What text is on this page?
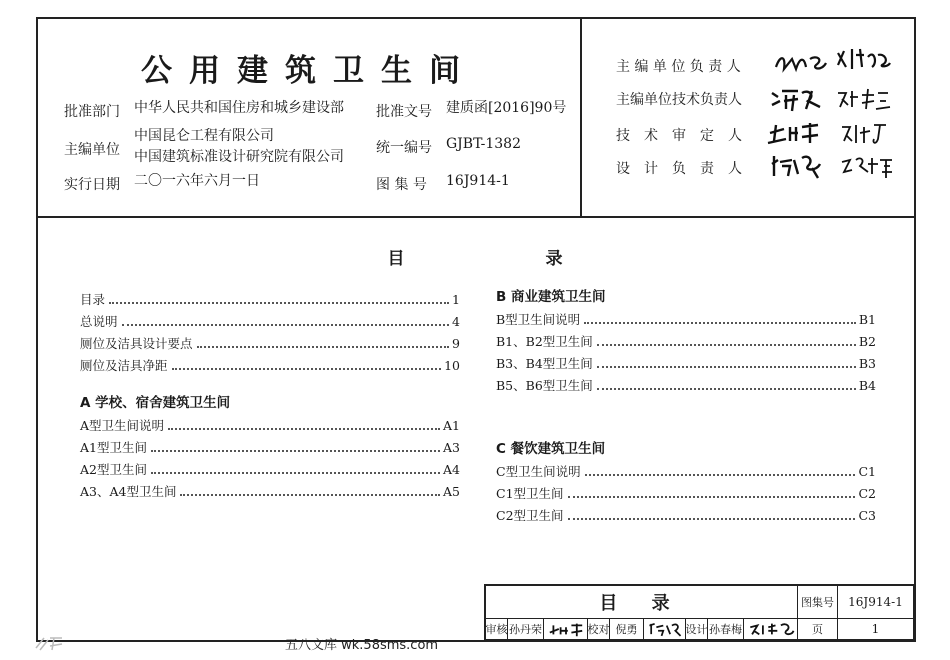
公用建筑卫生间
批准部门 中华人民共和国住房和城乡建设部 批准文号 建质函[2016]90号
主编单位
中国昆仑工程有限公司
中国建筑标准设计研究院有限公司
统一编号 GJBT-1382
实行日期 二〇一六年六月一日	图 集 号 16J914-1
主 编 单 位 负 责 人
主编单位技术负责人
技　术　审　定　人
设　计　负　责　人
目　录
目录	1
总说明	4
厕位及洁具设计要点	9
厕位及洁具净距	10
A 学校、宿舍建筑卫生间
A型卫生间说明	A1
A1型卫生间	A3
A2型卫生间	A4
A3、A4型卫生间	A5
B 商业建筑卫生间
B型卫生间说明	B1
B1、B2型卫生间	B2
B3、B4型卫生间	B3
B5、B6型卫生间	B4
C 餐饮建筑卫生间
C型卫生间说明	C1
C1型卫生间	C2
C2型卫生间	C3
目 录	图集号	16J914-1
审核 孙丹荣	校对 倪勇	设计 孙春梅	页	1
五八文库 wk.58sms.com
